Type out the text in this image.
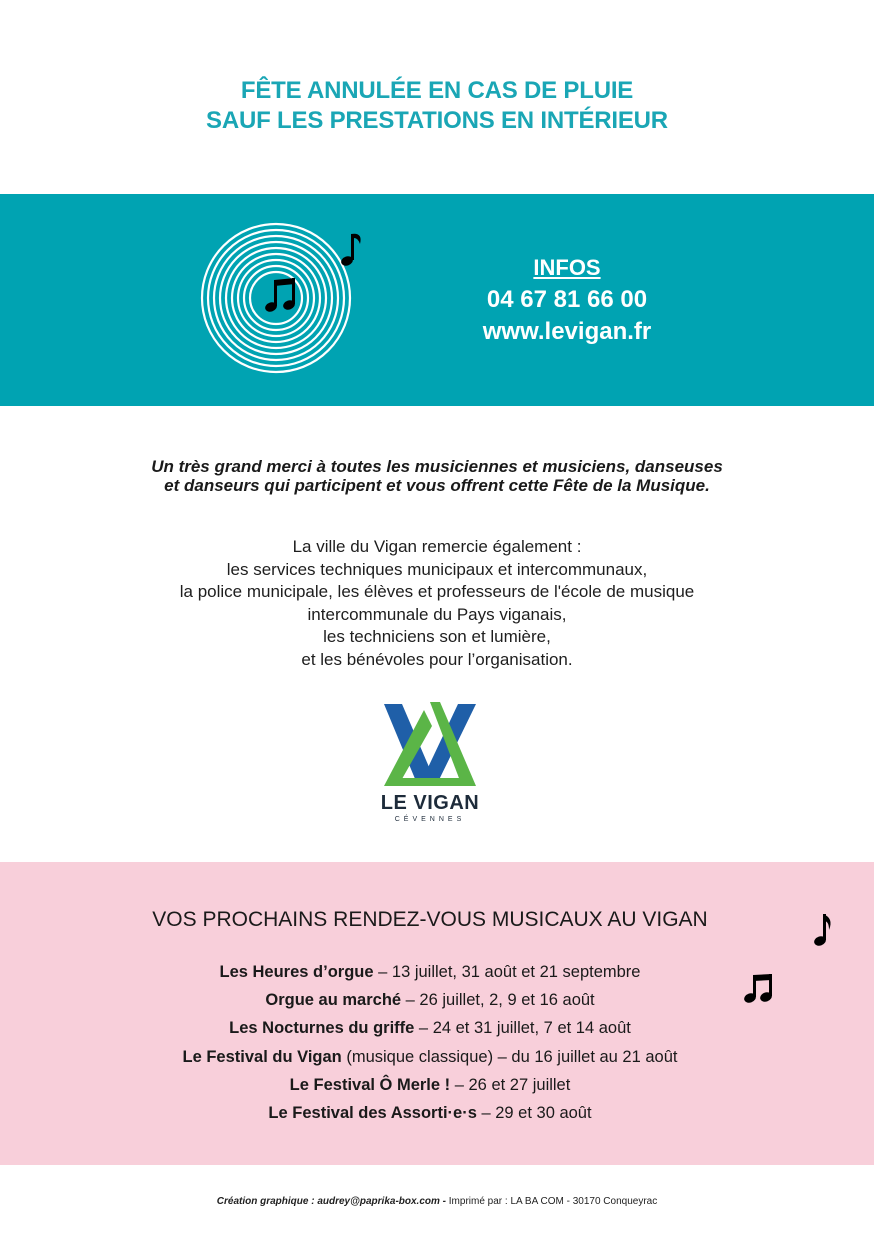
FÊTE ANNULÉE EN CAS DE PLUIE
SAUF LES PRESTATIONS EN INTÉRIEUR
INFOS
04 67 81 66 00
www.levigan.fr
Un très grand merci à toutes les musiciennes et musiciens, danseuses
et danseurs qui participent et vous offrent cette Fête de la Musique.
La ville du Vigan remercie également :
les services techniques municipaux et intercommunaux,
la police municipale, les élèves et professeurs de l'école de musique
intercommunale du Pays viganais,
les techniciens son et lumière,
et les bénévoles pour l’organisation.
LE VIGAN
CÉVENNES
VOS PROCHAINS RENDEZ-VOUS MUSICAUX AU VIGAN
Les Heures d’orgue – 13 juillet, 31 août et 21 septembre
Orgue au marché – 26 juillet, 2, 9 et 16 août
Les Nocturnes du griffe – 24 et 31 juillet, 7 et 14 août
Le Festival du Vigan (musique classique) – du 16 juillet au 21 août
Le Festival Ô Merle ! – 26 et 27 juillet
Le Festival des Assorti·e·s – 29 et 30 août
Création graphique : audrey@paprika-box.com - Imprimé par : LA BA COM - 30170 Conqueyrac
